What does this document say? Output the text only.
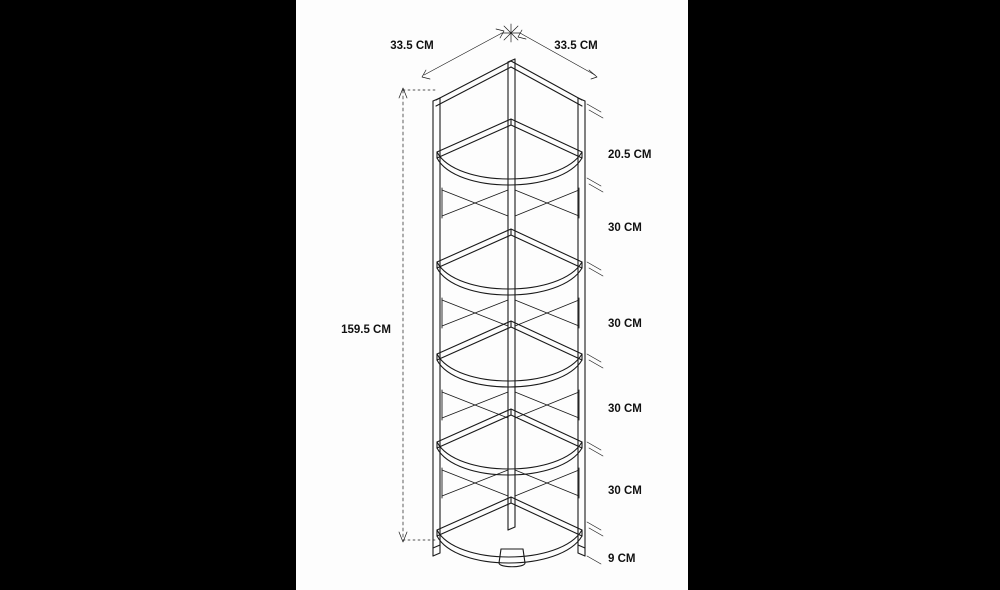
33.5 CM	33.5 CM
159.5 CM
20.5 CM
30 CM
30 CM
30 CM
30 CM
9 CM
